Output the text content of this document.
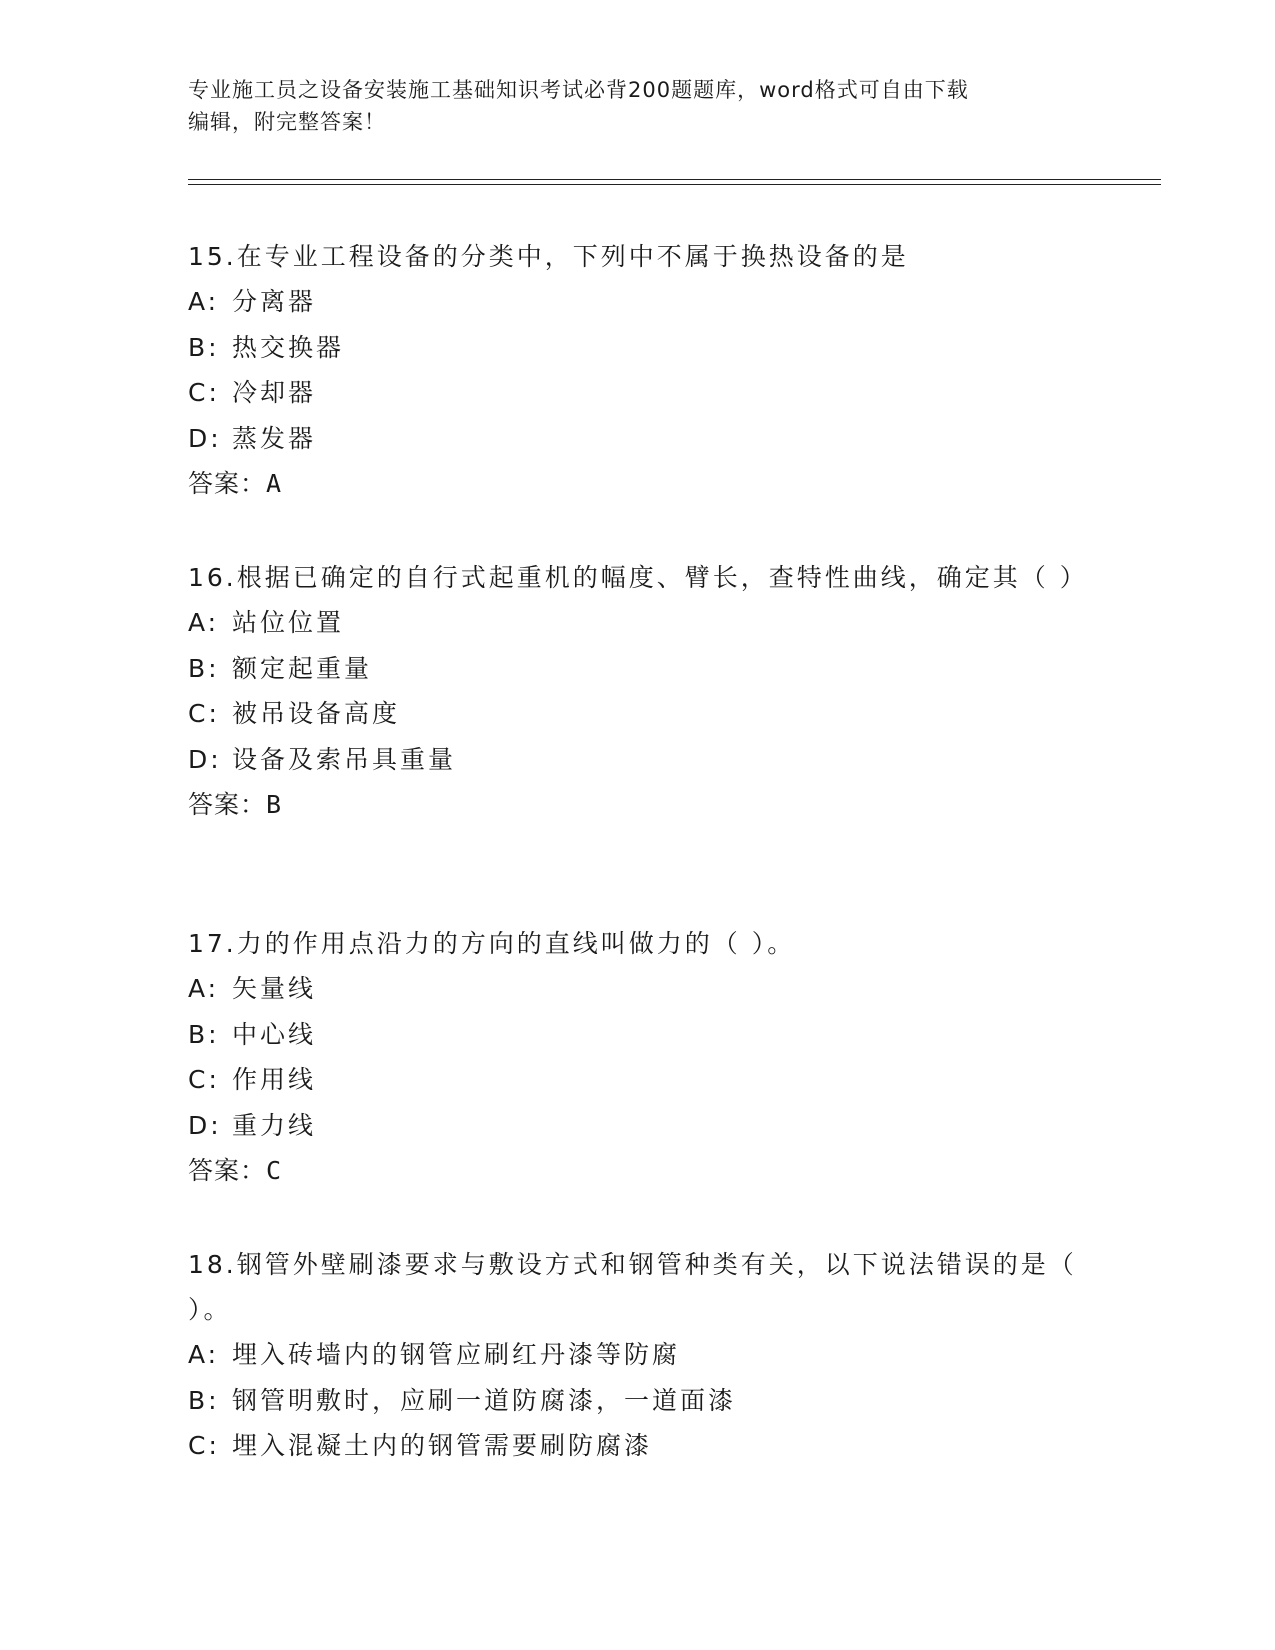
专业施工员之设备安装施工基础知识考试必背200题题库，word格式可自由下载
编辑，附完整答案！
15.在专业工程设备的分类中，下列中不属于换热设备的是
A: 分离器
B: 热交换器
C: 冷却器
D: 蒸发器
答案：A
16.根据已确定的自行式起重机的幅度、臂长，查特性曲线，确定其（ ）
A: 站位位置
B: 额定起重量
C: 被吊设备高度
D: 设备及索吊具重量
答案：B
17.力的作用点沿力的方向的直线叫做力的（ ）。
A: 矢量线
B: 中心线
C: 作用线
D: 重力线
答案：C
18.钢管外壁刷漆要求与敷设方式和钢管种类有关，以下说法错误的是（ ）。
A: 埋入砖墙内的钢管应刷红丹漆等防腐
B: 钢管明敷时，应刷一道防腐漆，一道面漆
C: 埋入混凝土内的钢管需要刷防腐漆
